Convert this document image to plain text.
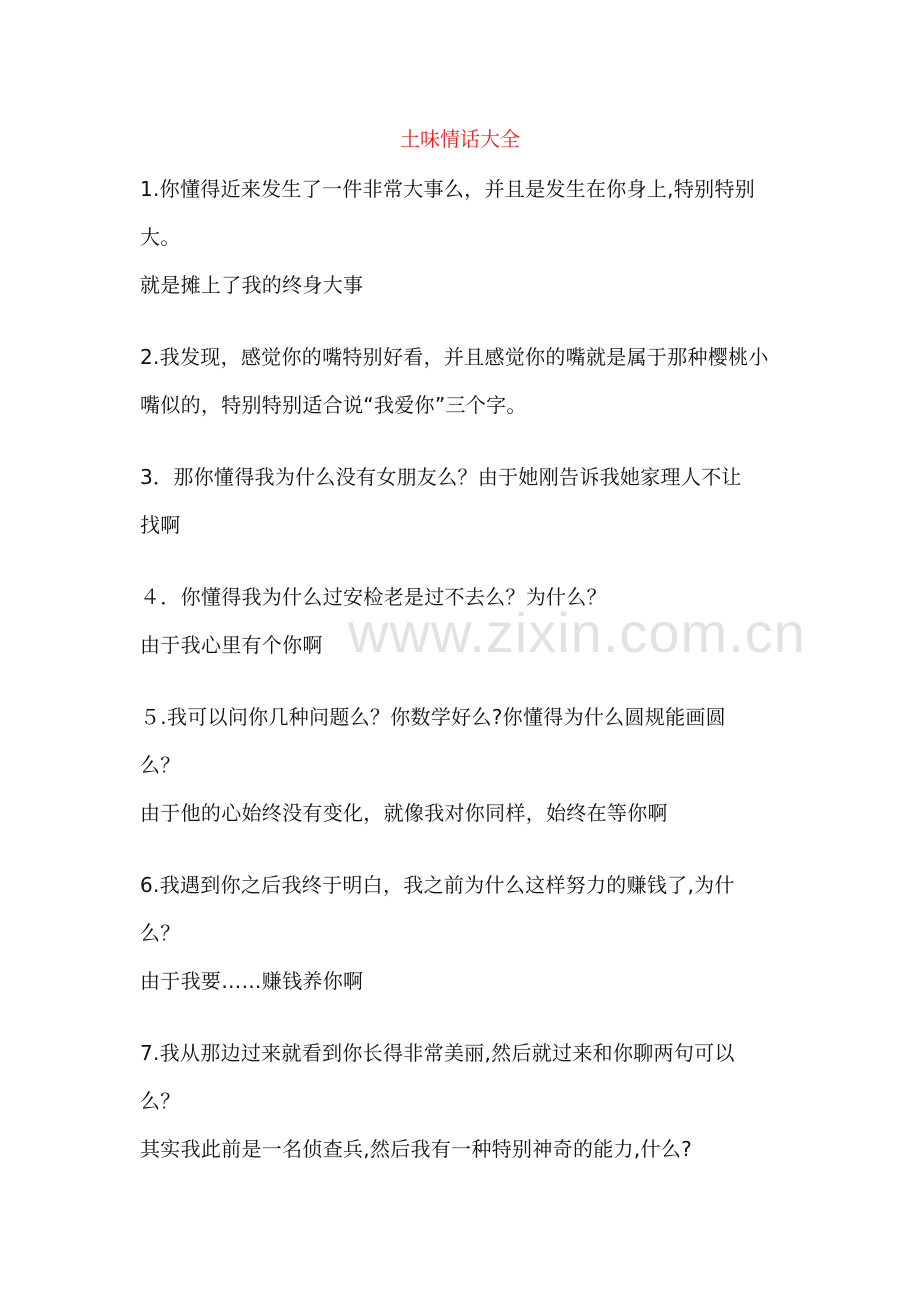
www.zixin.com.cn
土味情话大全
1.你懂得近来发生了一件非常大事么，并且是发生在你身上,特别特别
大。
就是摊上了我的终身大事
2.我发现，感觉你的嘴特别好看，并且感觉你的嘴就是属于那种樱桃小
嘴似的，特别特别适合说“我爱你”三个字。
3．那你懂得我为什么没有女朋友么？由于她刚告诉我她家理人不让
找啊
４．你懂得我为什么过安检老是过不去么？为什么？
由于我心里有个你啊
５.我可以问你几种问题么？你数学好么?你懂得为什么圆规能画圆
么？
由于他的心始终没有变化，就像我对你同样，始终在等你啊
6.我遇到你之后我终于明白，我之前为什么这样努力的赚钱了,为什
么？
由于我要……赚钱养你啊
7.我从那边过来就看到你长得非常美丽,然后就过来和你聊两句可以
么？
其实我此前是一名侦查兵,然后我有一种特别神奇的能力,什么?
